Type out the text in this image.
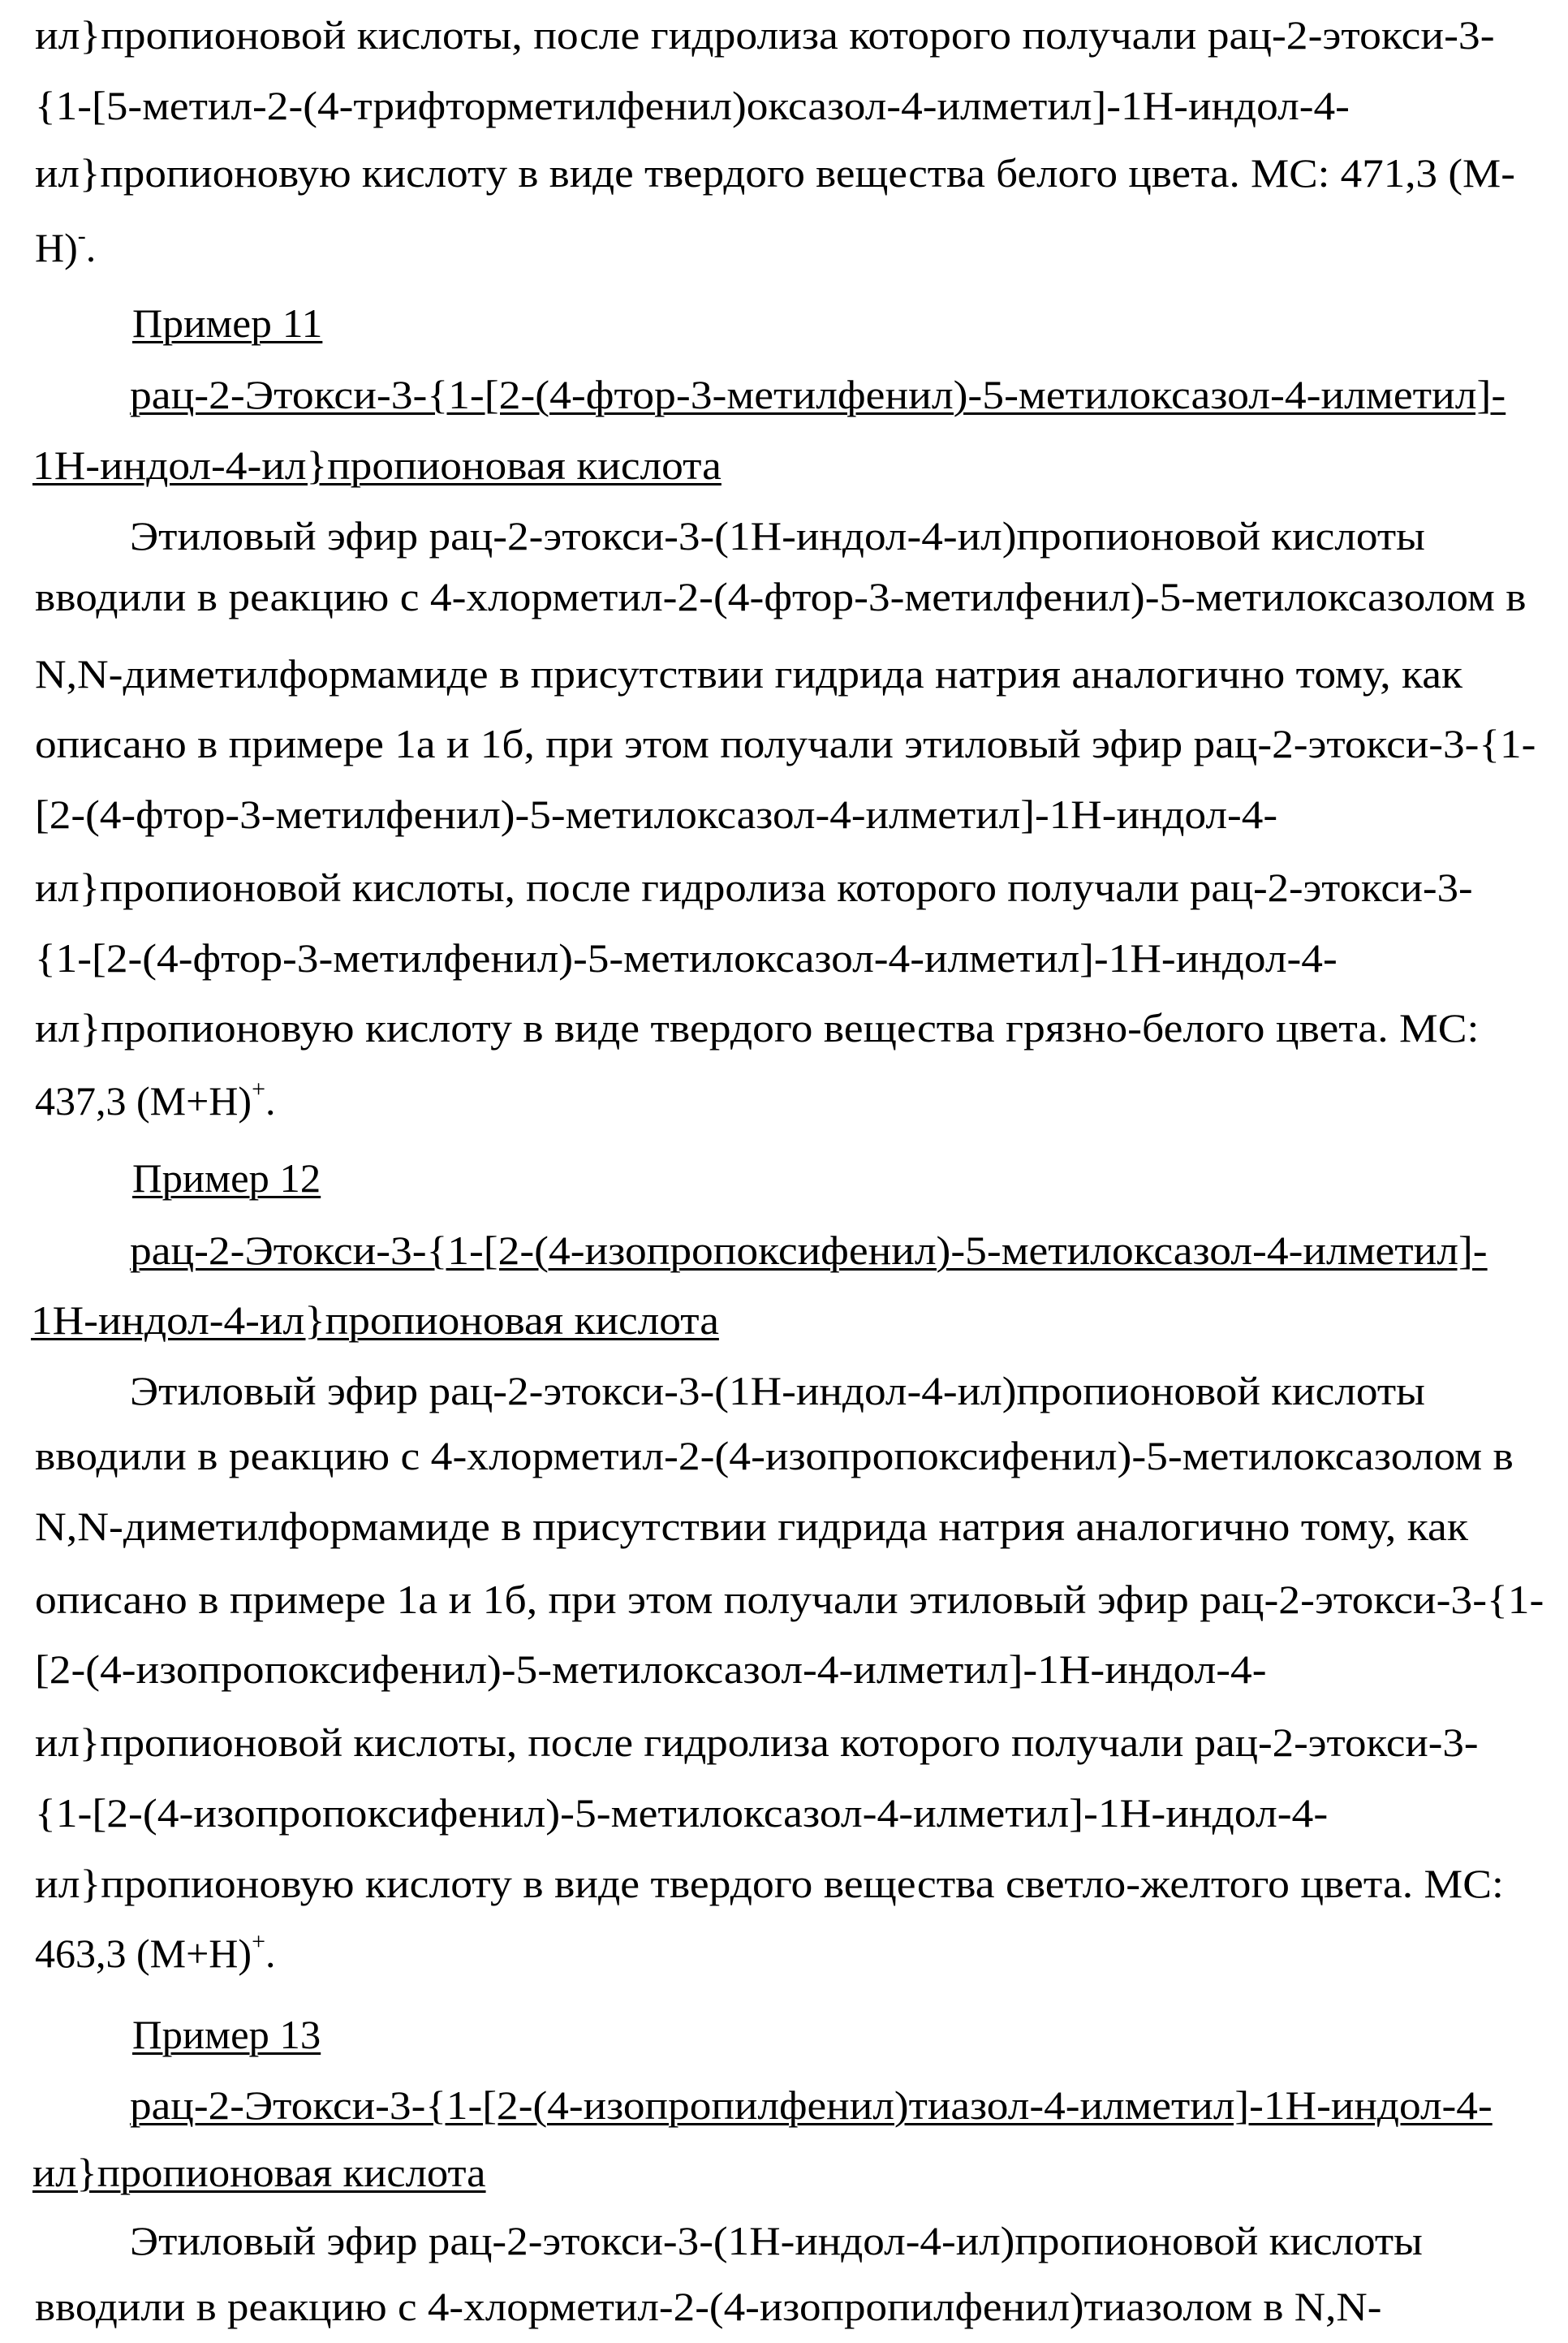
ил}пропионовой кислоты, после гидролиза которого получали рац-2-этокси-3-
{1-[5-метил-2-(4-трифторметилфенил)оксазол-4-илметил]-1H-индол-4-
ил}пропионовую кислоту в виде твердого вещества белого цвета. МС: 471,3 (М-
H)-.
Пример 11
рац-2-Этокси-3-{1-[2-(4-фтор-3-метилфенил)-5-метилоксазол-4-илметил]-
1H-индол-4-ил}пропионовая кислота
Этиловый эфир рац-2-этокси-3-(1H-индол-4-ил)пропионовой кислоты
вводили в реакцию с 4-хлорметил-2-(4-фтор-3-метилфенил)-5-метилоксазолом в
N,N-диметилформамиде в присутствии гидрида натрия аналогично тому, как
описано в примере 1а и 1б, при этом получали этиловый эфир рац-2-этокси-3-{1-
[2-(4-фтор-3-метилфенил)-5-метилоксазол-4-илметил]-1H-индол-4-
ил}пропионовой кислоты, после гидролиза которого получали рац-2-этокси-3-
{1-[2-(4-фтор-3-метилфенил)-5-метилоксазол-4-илметил]-1H-индол-4-
ил}пропионовую кислоту в виде твердого вещества грязно-белого цвета. МС:
437,3 (M+H)+.
Пример 12
рац-2-Этокси-3-{1-[2-(4-изопропоксифенил)-5-метилоксазол-4-илметил]-
1H-индол-4-ил}пропионовая кислота
Этиловый эфир рац-2-этокси-3-(1H-индол-4-ил)пропионовой кислоты
вводили в реакцию с 4-хлорметил-2-(4-изопропоксифенил)-5-метилоксазолом в
N,N-диметилформамиде в присутствии гидрида натрия аналогично тому, как
описано в примере 1а и 1б, при этом получали этиловый эфир рац-2-этокси-3-{1-
[2-(4-изопропоксифенил)-5-метилоксазол-4-илметил]-1H-индол-4-
ил}пропионовой кислоты, после гидролиза которого получали рац-2-этокси-3-
{1-[2-(4-изопропоксифенил)-5-метилоксазол-4-илметил]-1H-индол-4-
ил}пропионовую кислоту в виде твердого вещества светло-желтого цвета. МС:
463,3 (M+H)+.
Пример 13
рац-2-Этокси-3-{1-[2-(4-изопропилфенил)тиазол-4-илметил]-1H-индол-4-
ил}пропионовая кислота
Этиловый эфир рац-2-этокси-3-(1H-индол-4-ил)пропионовой кислоты
вводили в реакцию с 4-хлорметил-2-(4-изопропилфенил)тиазолом в N,N-
